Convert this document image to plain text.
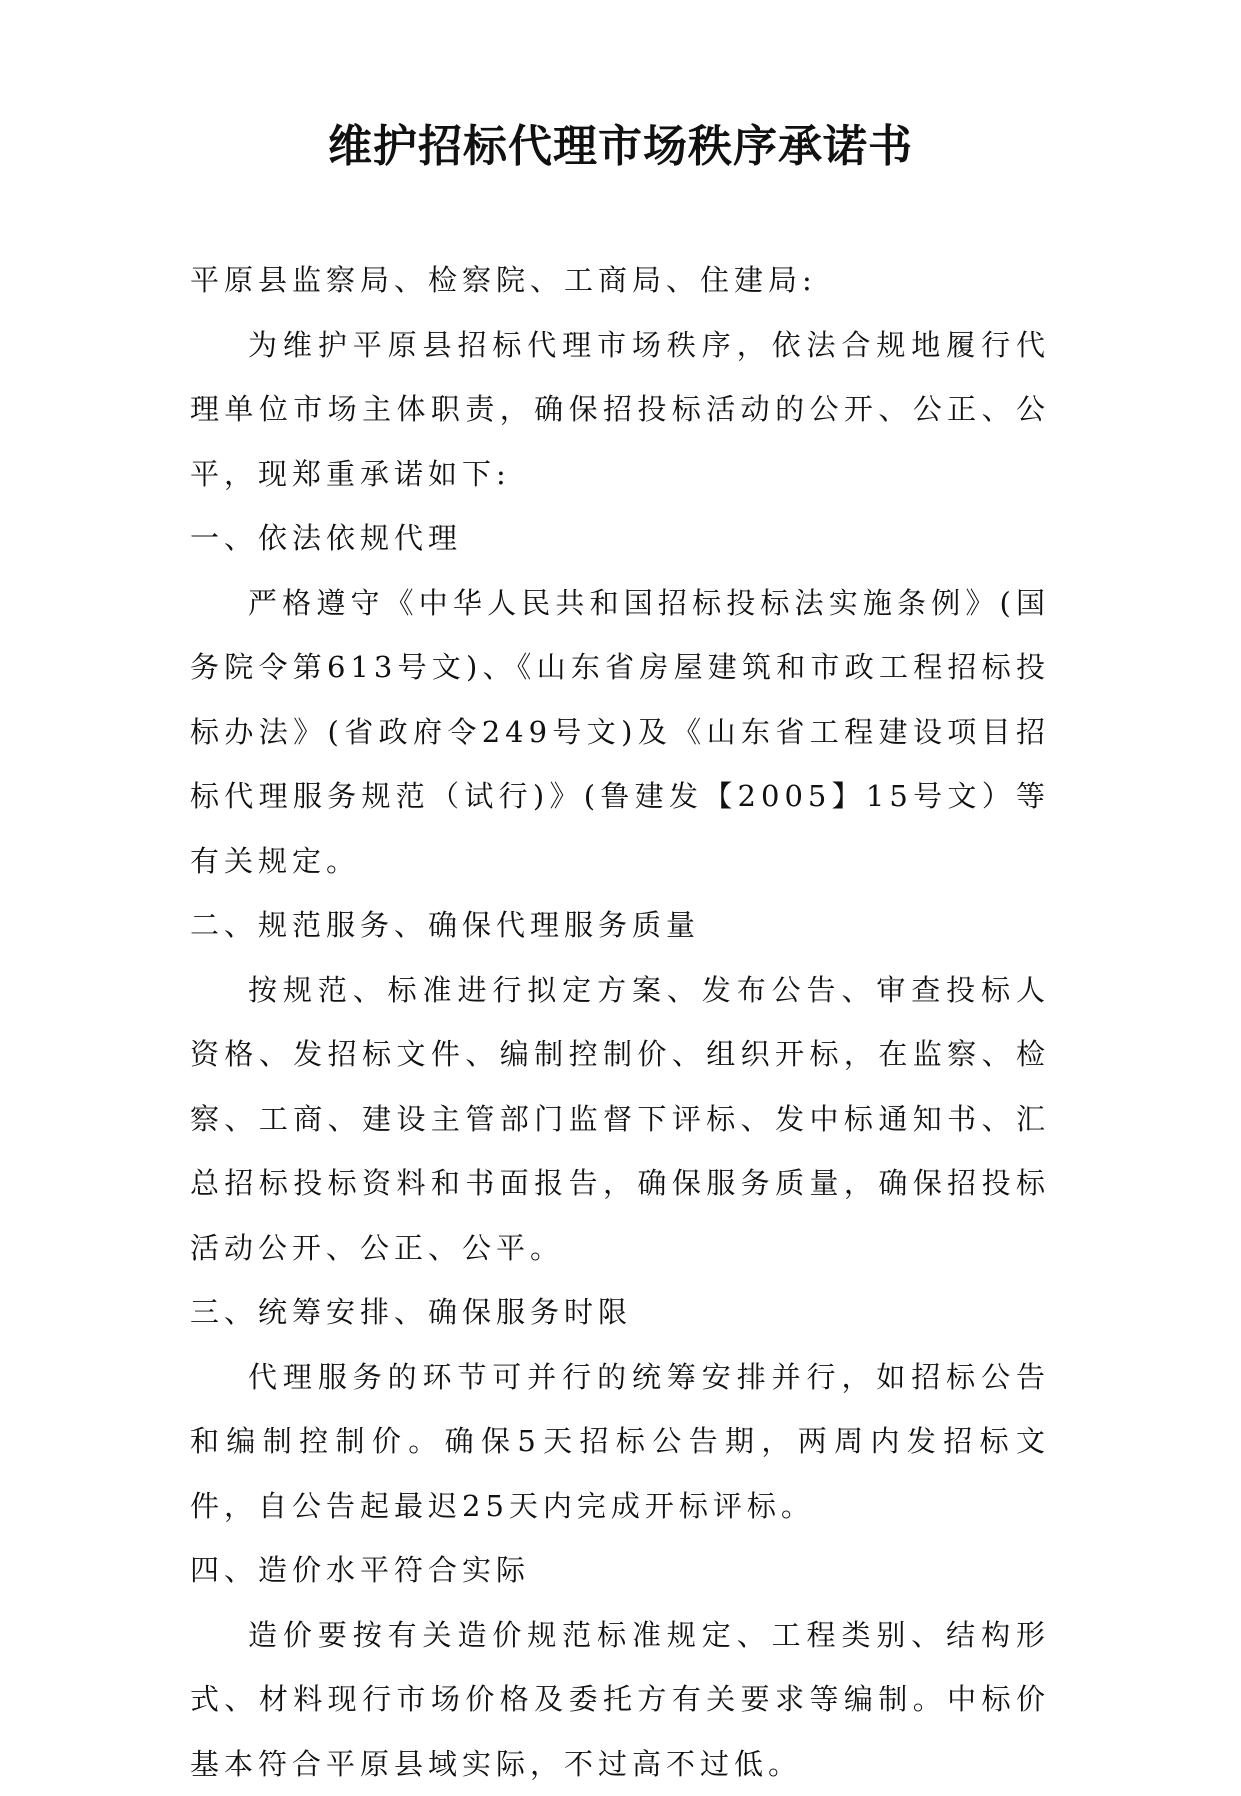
维护招标代理市场秩序承诺书

平原县监察局、检察院、工商局、住建局:

为维护平原县招标代理市场秩序，依法合规地履行代理单位市场主体职责，确保招投标活动的公开、公正、公平，现郑重承诺如下:

一、依法依规代理

严格遵守《中华人民共和国招标投标法实施条例》(国务院令第613号文)、《山东省房屋建筑和市政工程招标投标办法》(省政府令249号文)及《山东省工程建设项目招标代理服务规范（试行)》(鲁建发【2005】15号文）等有关规定。

二、规范服务、确保代理服务质量

按规范、标准进行拟定方案、发布公告、审查投标人资格、发招标文件、编制控制价、组织开标，在监察、检察、工商、建设主管部门监督下评标、发中标通知书、汇总招标投标资料和书面报告，确保服务质量，确保招投标活动公开、公正、公平。

三、统筹安排、确保服务时限

代理服务的环节可并行的统筹安排并行，如招标公告和编制控制价。确保5天招标公告期，两周内发招标文件，自公告起最迟25天内完成开标评标。

四、造价水平符合实际

造价要按有关造价规范标准规定、工程类别、结构形式、材料现行市场价格及委托方有关要求等编制。中标价基本符合平原县域实际，不过高不过低。
